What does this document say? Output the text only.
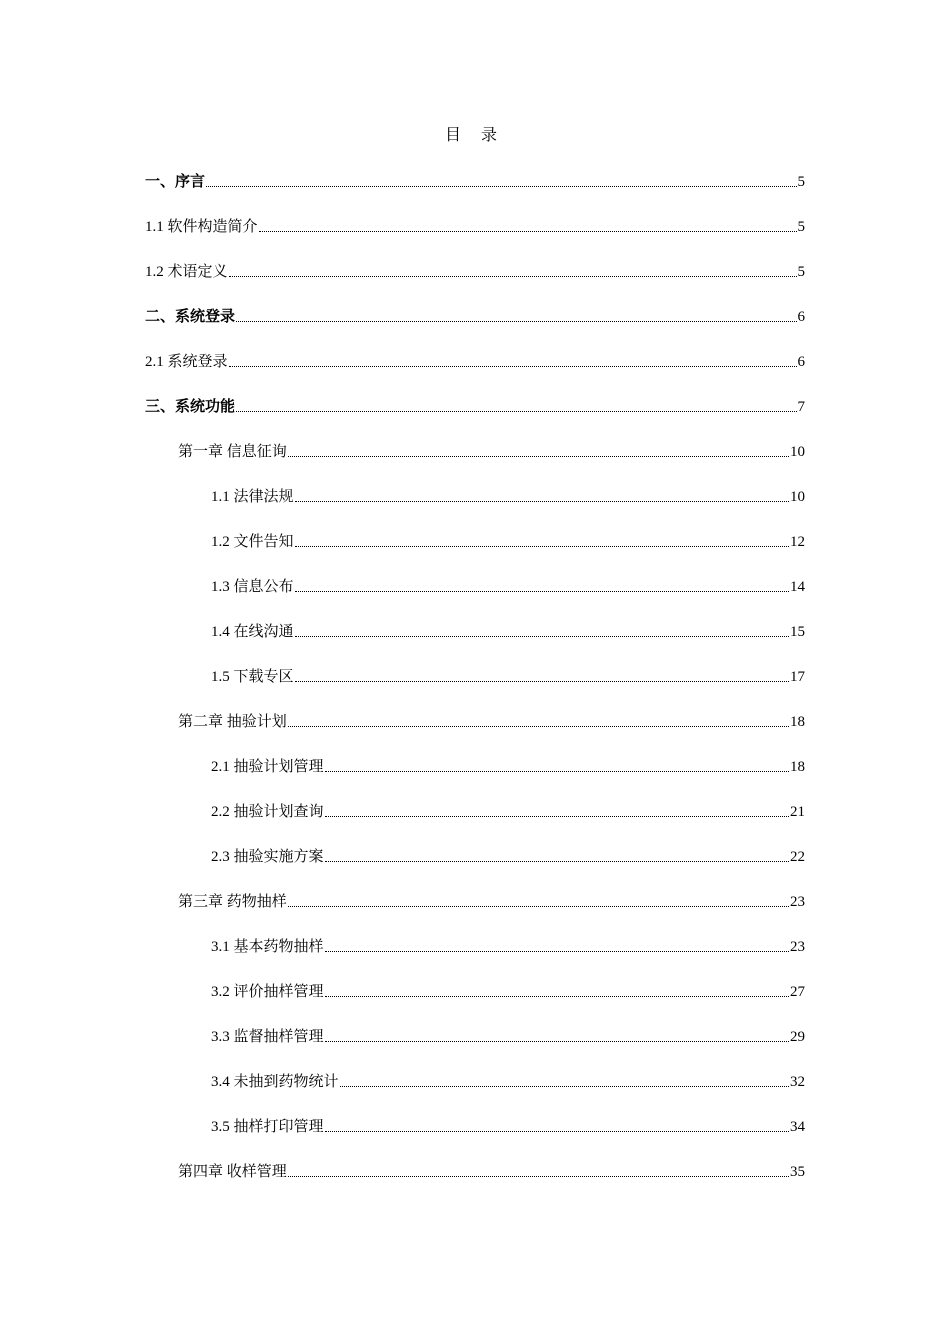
目 录
一、序言	5
1.1 软件构造简介	5
1.2 术语定义	5
二、系统登录	6
2.1 系统登录	6
三、系统功能	7
第一章 信息征询	10
1.1 法律法规	10
1.2 文件告知	12
1.3 信息公布	14
1.4 在线沟通	15
1.5 下载专区	17
第二章 抽验计划	18
2.1 抽验计划管理	18
2.2 抽验计划查询	21
2.3 抽验实施方案	22
第三章 药物抽样	23
3.1 基本药物抽样	23
3.2 评价抽样管理	27
3.3 监督抽样管理	29
3.4 未抽到药物统计	32
3.5 抽样打印管理	34
第四章 收样管理	35
